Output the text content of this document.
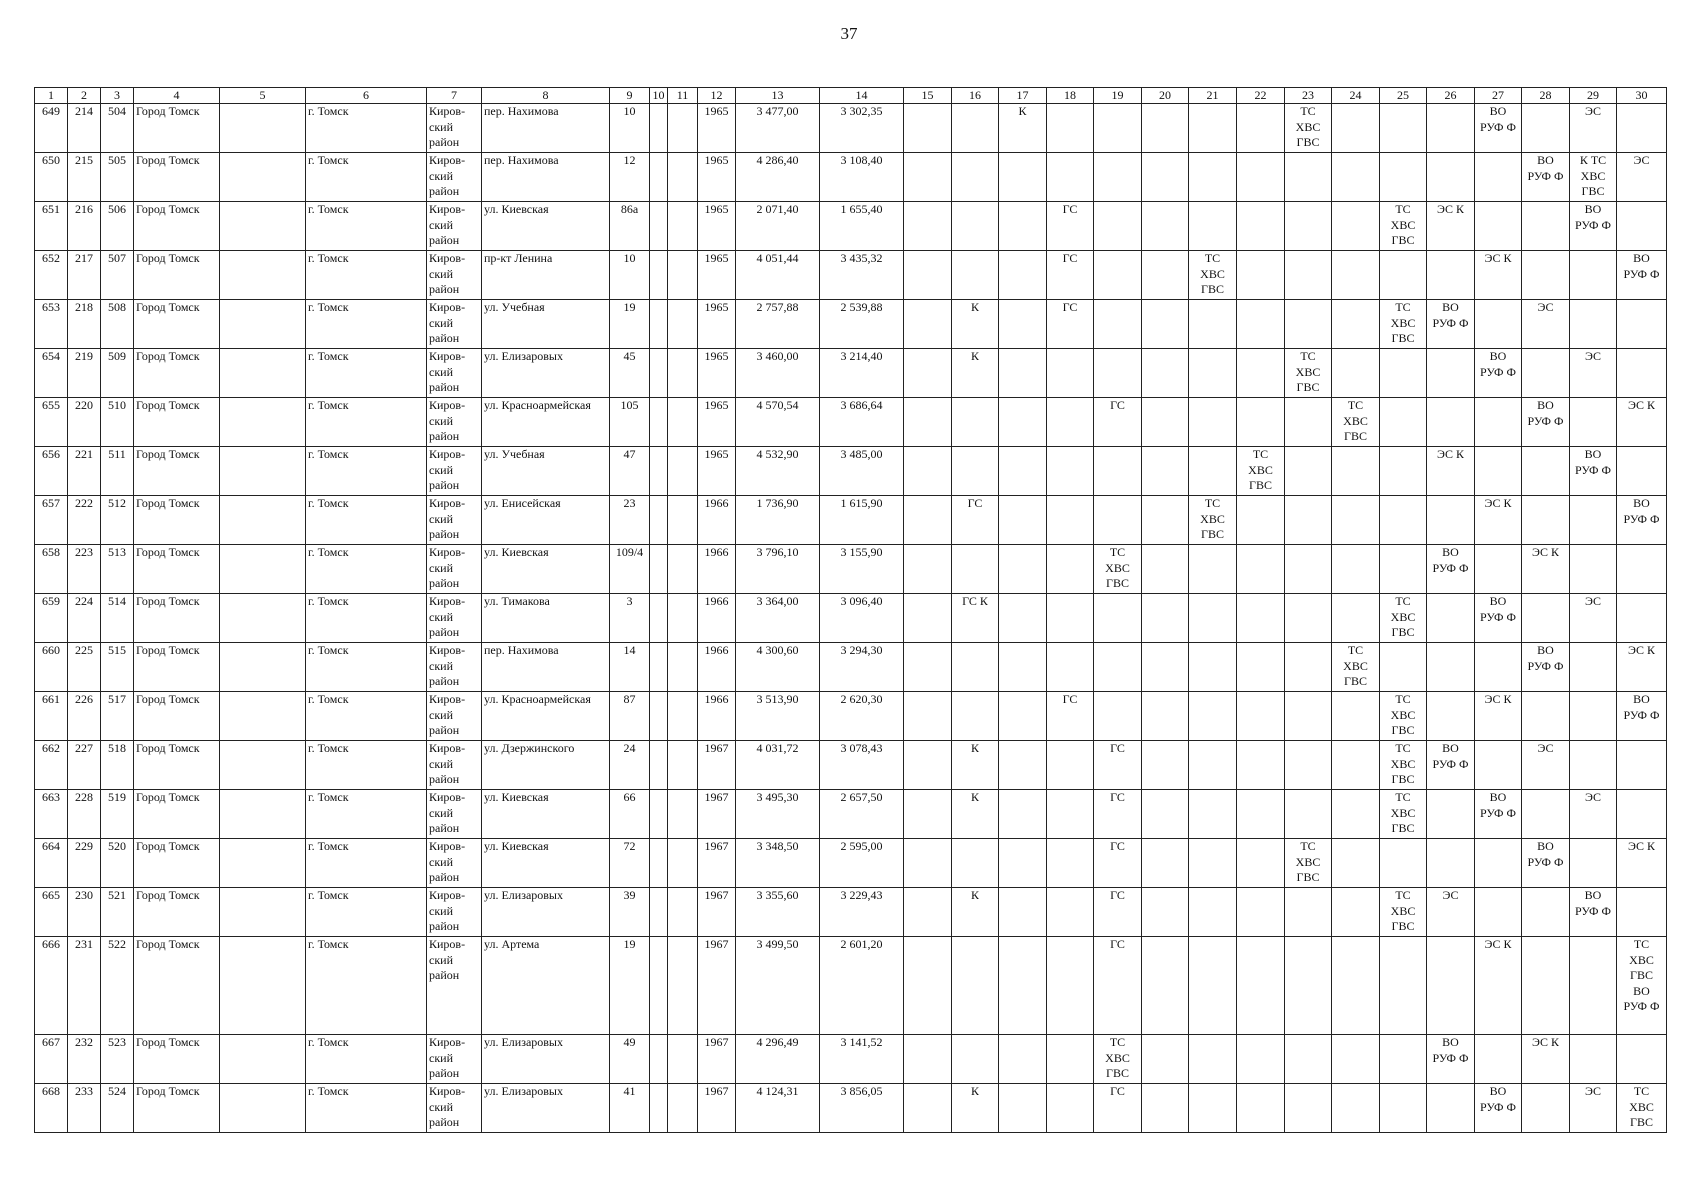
37
1	2	3	4	5	6	7	8	9	10	11	12	13	14	15	16	17	18	19	20	21	22	23	24	25	26	27	28	29	30
649	214	504	Город Томск		г. Томск	Киров-
ский
район	пер. Нахимова	10			1965	3 477,00	3 302,35			К						ТС
ХВС
ГВС				ВО
РУФ Ф		ЭС	
650	215	505	Город Томск		г. Томск	Киров-
ский
район	пер. Нахимова	12			1965	4 286,40	3 108,40														ВО
РУФ Ф	К ТС
ХВС
ГВС	ЭС
651	216	506	Город Томск		г. Томск	Киров-
ский
район	ул. Киевская	86а			1965	2 071,40	1 655,40				ГС							ТС
ХВС
ГВС	ЭС К			ВО
РУФ Ф	
652	217	507	Город Томск		г. Томск	Киров-
ский
район	пр-кт Ленина	10			1965	4 051,44	3 435,32				ГС			ТС
ХВС
ГВС						ЭС К			ВО
РУФ Ф
653	218	508	Город Томск		г. Томск	Киров-
ский
район	ул. Учебная	19			1965	2 757,88	2 539,88		К		ГС							ТС
ХВС
ГВС	ВО
РУФ Ф		ЭС		
654	219	509	Город Томск		г. Томск	Киров-
ский
район	ул. Елизаровых	45			1965	3 460,00	3 214,40		К							ТС
ХВС
ГВС				ВО
РУФ Ф		ЭС	
655	220	510	Город Томск		г. Томск	Киров-
ский
район	ул. Красноармейская	105			1965	4 570,54	3 686,64					ГС					ТС
ХВС
ГВС				ВО
РУФ Ф		ЭС К
656	221	511	Город Томск		г. Томск	Киров-
ский
район	ул. Учебная	47			1965	4 532,90	3 485,00								ТС
ХВС
ГВС				ЭС К			ВО
РУФ Ф	
657	222	512	Город Томск		г. Томск	Киров-
ский
район	ул. Енисейская	23			1966	1 736,90	1 615,90		ГС					ТС
ХВС
ГВС						ЭС К			ВО
РУФ Ф
658	223	513	Город Томск		г. Томск	Киров-
ский
район	ул. Киевская	109/4			1966	3 796,10	3 155,90					ТС
ХВС
ГВС							ВО
РУФ Ф		ЭС К		
659	224	514	Город Томск		г. Томск	Киров-
ский
район	ул. Тимакова	3			1966	3 364,00	3 096,40		ГС К									ТС
ХВС
ГВС		ВО
РУФ Ф		ЭС	
660	225	515	Город Томск		г. Томск	Киров-
ский
район	пер. Нахимова	14			1966	4 300,60	3 294,30										ТС
ХВС
ГВС				ВО
РУФ Ф		ЭС К
661	226	517	Город Томск		г. Томск	Киров-
ский
район	ул. Красноармейская	87			1966	3 513,90	2 620,30				ГС							ТС
ХВС
ГВС		ЭС К			ВО
РУФ Ф
662	227	518	Город Томск		г. Томск	Киров-
ский
район	ул. Дзержинского	24			1967	4 031,72	3 078,43		К			ГС						ТС
ХВС
ГВС	ВО
РУФ Ф		ЭС		
663	228	519	Город Томск		г. Томск	Киров-
ский
район	ул. Киевская	66			1967	3 495,30	2 657,50		К			ГС						ТС
ХВС
ГВС		ВО
РУФ Ф		ЭС	
664	229	520	Город Томск		г. Томск	Киров-
ский
район	ул. Киевская	72			1967	3 348,50	2 595,00					ГС				ТС
ХВС
ГВС					ВО
РУФ Ф		ЭС К
665	230	521	Город Томск		г. Томск	Киров-
ский
район	ул. Елизаровых	39			1967	3 355,60	3 229,43		К			ГС						ТС
ХВС
ГВС	ЭС			ВО
РУФ Ф	
666	231	522	Город Томск		г. Томск	Киров-
ский
район	ул. Артема	19			1967	3 499,50	2 601,20					ГС								ЭС К			ТС
ХВС
ГВС
ВО
РУФ Ф
667	232	523	Город Томск		г. Томск	Киров-
ский
район	ул. Елизаровых	49			1967	4 296,49	3 141,52					ТС
ХВС
ГВС							ВО
РУФ Ф		ЭС К		
668	233	524	Город Томск		г. Томск	Киров-
ский
район	ул. Елизаровых	41			1967	4 124,31	3 856,05		К			ГС								ВО
РУФ Ф		ЭС	ТС
ХВС
ГВС
